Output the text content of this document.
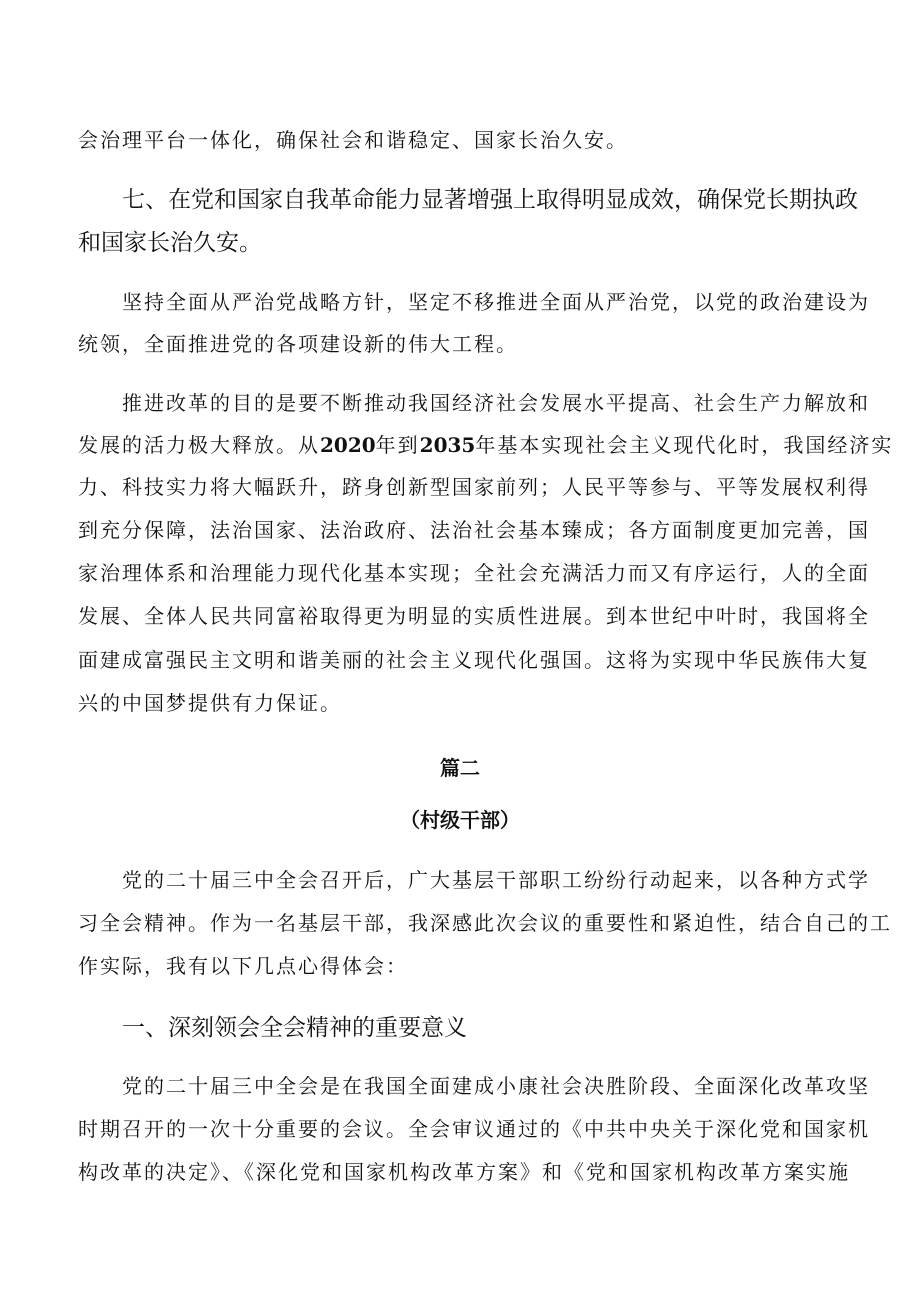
会治理平台一体化，确保社会和谐稳定、国家长治久安。
七、在党和国家自我革命能力显著增强上取得明显成效，确保党长期执政
和国家长治久安。
坚持全面从严治党战略方针，坚定不移推进全面从严治党，以党的政治建设为
统领，全面推进党的各项建设新的伟大工程。
推进改革的目的是要不断推动我国经济社会发展水平提高、社会生产力解放和
发展的活力极大释放。从2020年到2035年基本实现社会主义现代化时，我国经济实
力、科技实力将大幅跃升，跻身创新型国家前列；人民平等参与、平等发展权利得
到充分保障，法治国家、法治政府、法治社会基本臻成；各方面制度更加完善，国
家治理体系和治理能力现代化基本实现；全社会充满活力而又有序运行，人的全面
发展、全体人民共同富裕取得更为明显的实质性进展。到本世纪中叶时，我国将全
面建成富强民主文明和谐美丽的社会主义现代化强国。这将为实现中华民族伟大复
兴的中国梦提供有力保证。
篇二
（村级干部）
党的二十届三中全会召开后，广大基层干部职工纷纷行动起来，以各种方式学
习全会精神。作为一名基层干部，我深感此次会议的重要性和紧迫性，结合自己的工
作实际，我有以下几点心得体会：
一、深刻领会全会精神的重要意义
党的二十届三中全会是在我国全面建成小康社会决胜阶段、全面深化改革攻坚
时期召开的一次十分重要的会议。全会审议通过的《中共中央关于深化党和国家机
构改革的决定》、《深化党和国家机构改革方案》和《党和国家机构改革方案实施
